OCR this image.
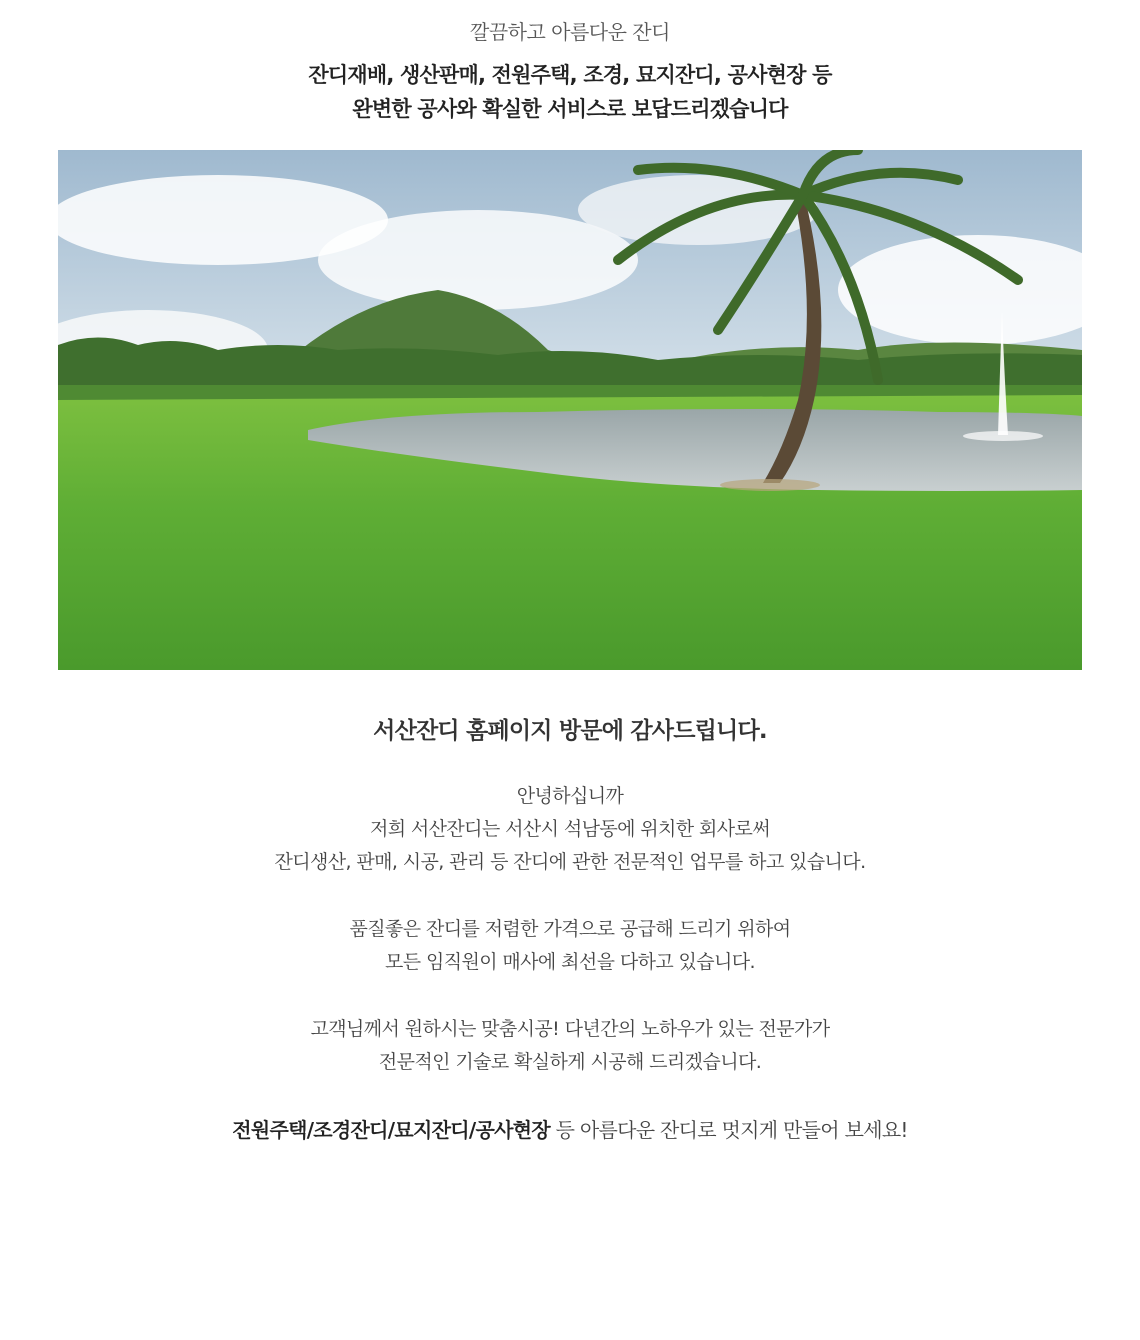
깔끔하고 아름다운 잔디
잔디재배, 생산판매, 전원주택, 조경, 묘지잔디, 공사현장 등
완변한 공사와 확실한 서비스로 보답드리겠습니다
서산잔디 홈페이지 방문에 감사드립니다.
안녕하십니까
저희 서산잔디는 서산시 석남동에 위치한 회사로써
잔디생산, 판매, 시공, 관리 등 잔디에 관한 전문적인 업무를 하고 있습니다.
품질좋은 잔디를 저렴한 가격으로 공급해 드리기 위하여
모든 임직원이 매사에 최선을 다하고 있습니다.
고객님께서 원하시는 맞춤시공! 다년간의 노하우가 있는 전문가가
전문적인 기술로 확실하게 시공해 드리겠습니다.
전원주택/조경잔디/묘지잔디/공사현장 등 아름다운 잔디로 멋지게 만들어 보세요!
